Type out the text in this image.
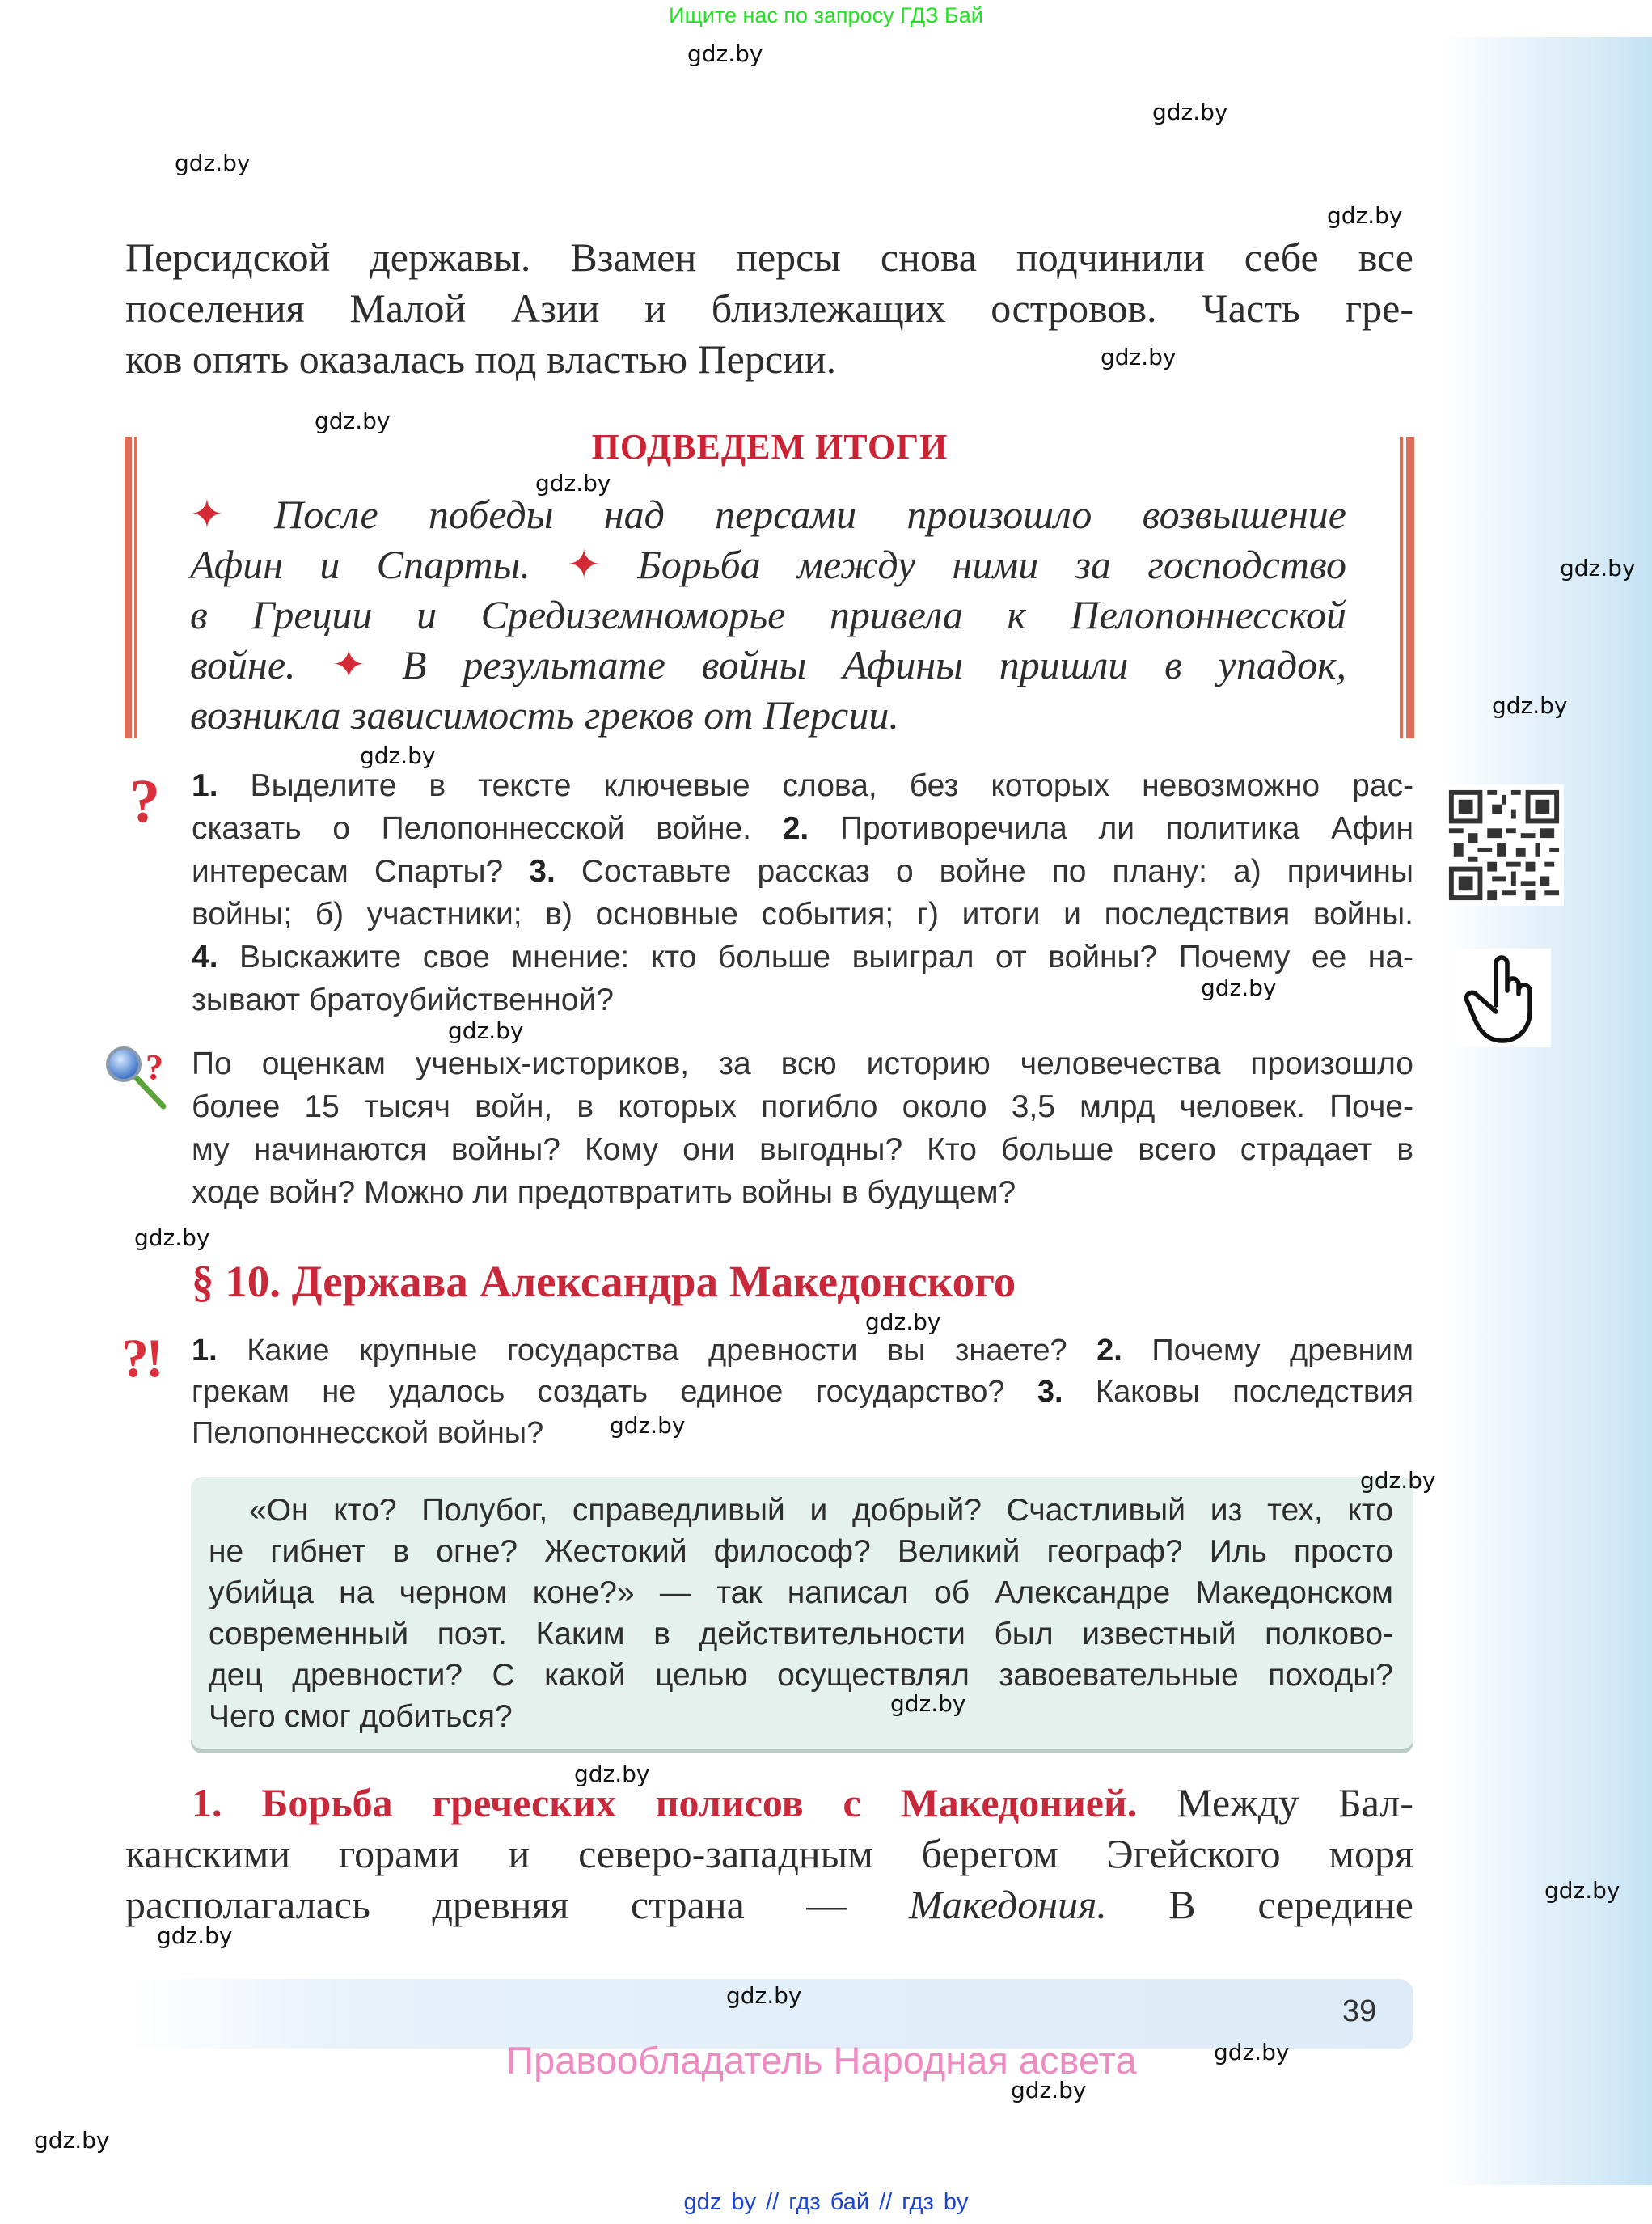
Ищите нас по запросу ГДЗ Бай
Персидской державы. Взамен персы снова подчинили себе все
поселения Малой Азии и близлежащих островов. Часть гре-
ков опять оказалась под властью Персии.
ПОДВЕДЕМ ИТОГИ
✦ После победы над персами произошло возвышение
Афин и Спарты. ✦ Борьба между ними за господство
в Греции и Средиземноморье привела к Пелопоннесской
войне. ✦ В результате войны Афины пришли в упадок,
возникла зависимость греков от Персии.
? 1. Выделите в тексте ключевые слова, без которых невозможно рас-
сказать о Пелопоннесской войне. 2. Противоречила ли политика Афин
интересам Спарты? 3. Составьте рассказ о войне по плану: а) причины
войны; б) участники; в) основные события; г) итоги и последствия войны.
4. Выскажите свое мнение: кто больше выиграл от войны? Почему ее на-
зывают братоубийственной?
? По оценкам ученых-историков, за всю историю человечества произошло
более 15 тысяч войн, в которых погибло около 3,5 млрд человек. Поче-
му начинаются войны? Кому они выгодны? Кто больше всего страдает в
ходе войн? Можно ли предотвратить войны в будущем?
§ 10. Держава Александра Македонского
?! 1. Какие крупные государства древности вы знаете? 2. Почему древним
грекам не удалось создать единое государство? 3. Каковы последствия
Пелопоннесской войны?
«Он кто? Полубог, справедливый и добрый? Счастливый из тех, кто
не гибнет в огне? Жестокий философ? Великий географ? Иль просто
убийца на черном коне?» — так написал об Александре Македонском
современный поэт. Каким в действительности был известный полково-
дец древности? С какой целью осуществлял завоевательные походы?
Чего смог добиться?
1. Борьба греческих полисов с Македонией. Между Бал-
канскими горами и северо-западным берегом Эгейского моря
располагалась древняя страна — Македония. В середине
39
Правообладатель Народная асвета
gdz by // гдз бай // гдз by
gdz.by
gdz.by
gdz.by
gdz.by
gdz.by
gdz.by
gdz.by
gdz.by
gdz.by
gdz.by
gdz.by
gdz.by
gdz.by
gdz.by
gdz.by
gdz.by
gdz.by
gdz.by
gdz.by
gdz.by
gdz.by
gdz.by
gdz.by
gdz.by
